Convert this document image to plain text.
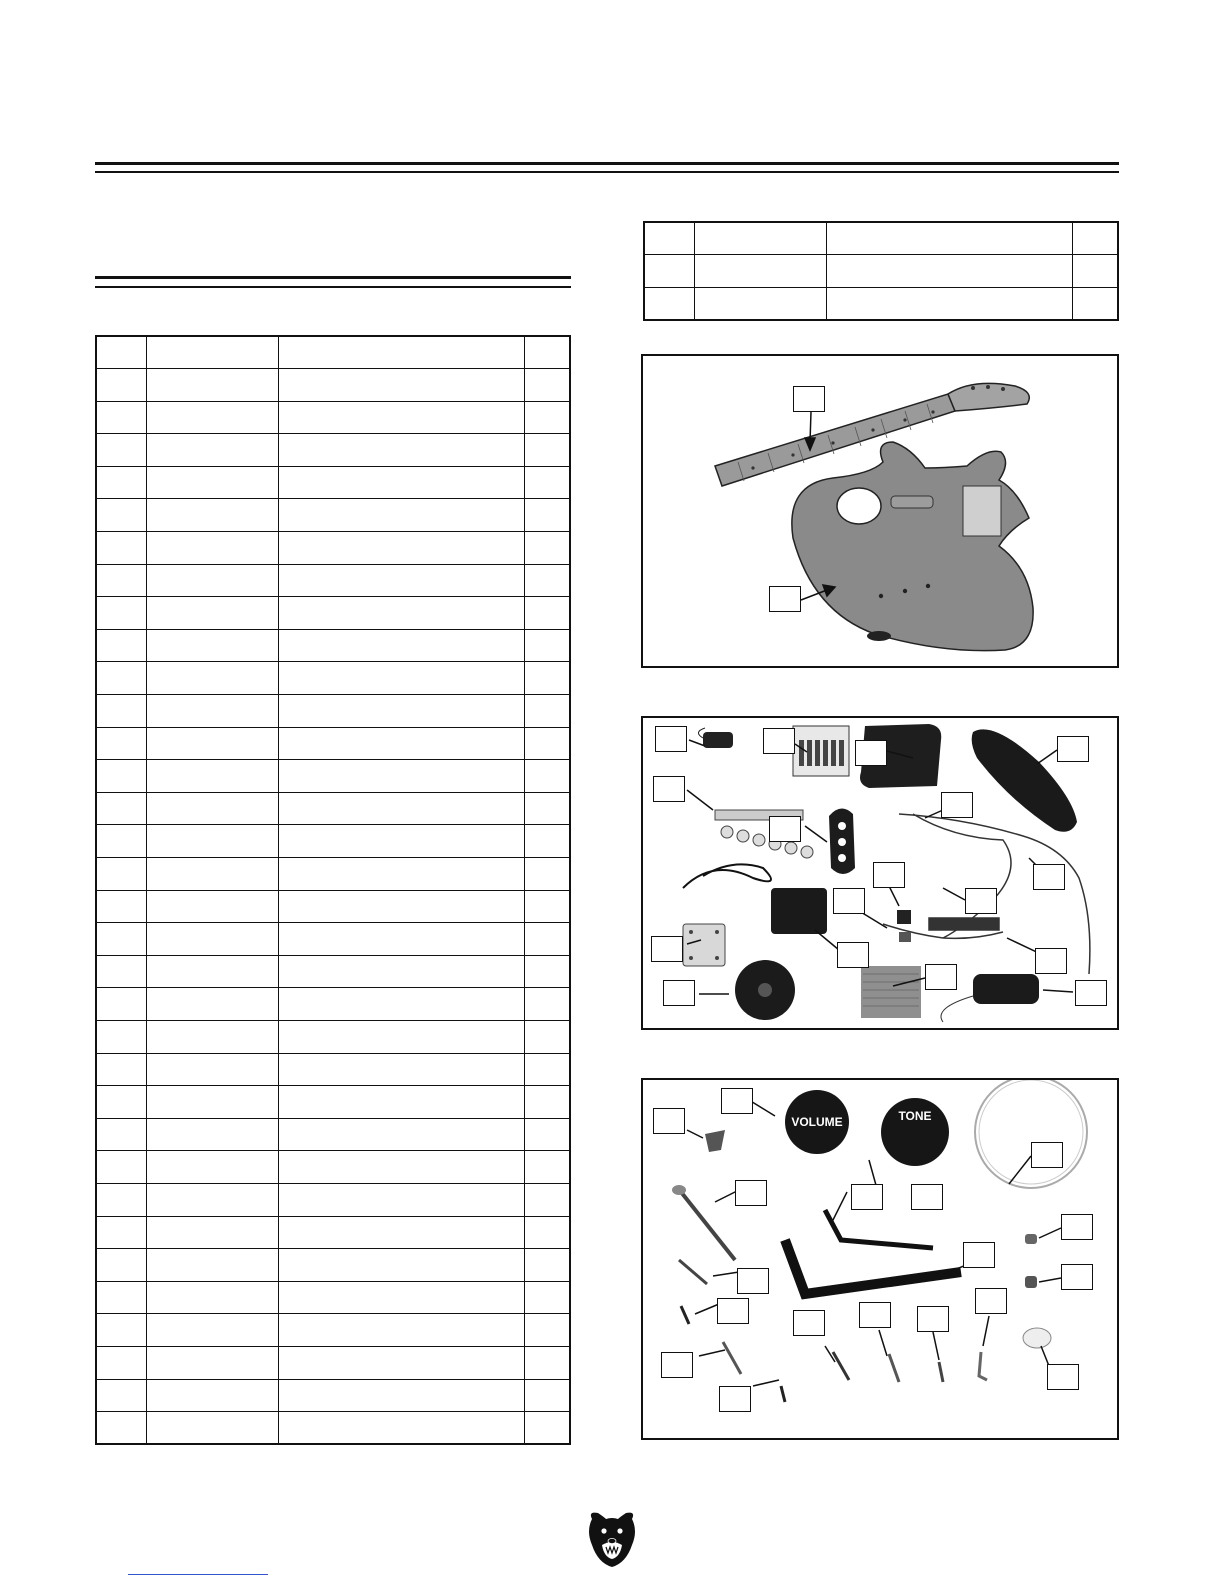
VOLUME	TONE
